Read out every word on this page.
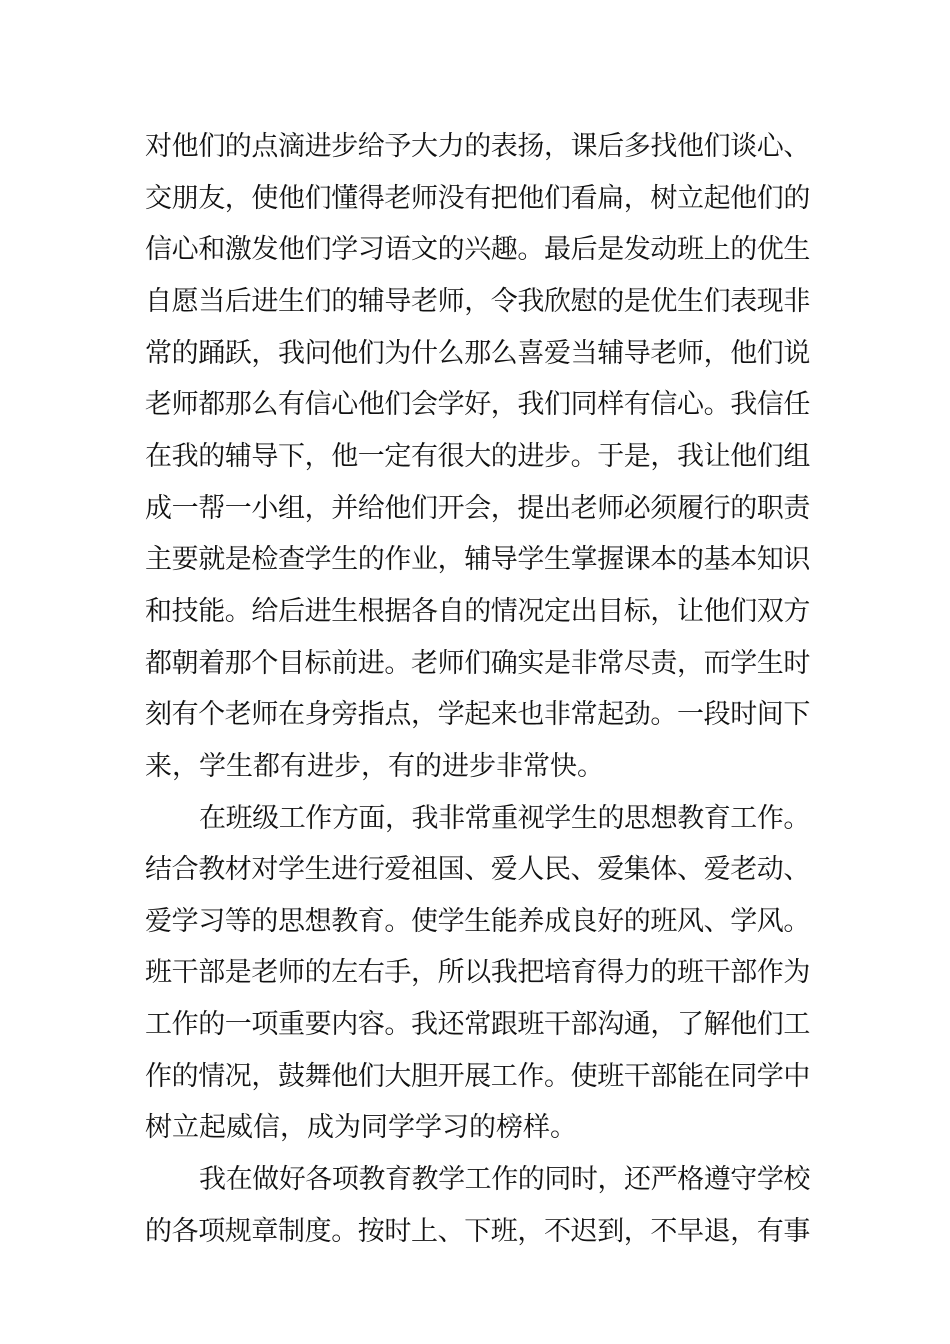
对他们的点滴进步给予大力的表扬，课后多找他们谈心、
交朋友，使他们懂得老师没有把他们看扁，树立起他们的
信心和激发他们学习语文的兴趣。最后是发动班上的优生
自愿当后进生们的辅导老师，令我欣慰的是优生们表现非
常的踊跃，我问他们为什么那么喜爱当辅导老师，他们说
老师都那么有信心他们会学好，我们同样有信心。我信任
在我的辅导下，他一定有很大的进步。于是，我让他们组
成一帮一小组，并给他们开会，提出老师必须履行的职责
主要就是检查学生的作业，辅导学生掌握课本的基本知识
和技能。给后进生根据各自的情况定出目标，让他们双方
都朝着那个目标前进。老师们确实是非常尽责，而学生时
刻有个老师在身旁指点，学起来也非常起劲。一段时间下
来，学生都有进步，有的进步非常快。
在班级工作方面，我非常重视学生的思想教育工作。
结合教材对学生进行爱祖国、爱人民、爱集体、爱老动、
爱学习等的思想教育。使学生能养成良好的班风、学风。
班干部是老师的左右手，所以我把培育得力的班干部作为
工作的一项重要内容。我还常跟班干部沟通，了解他们工
作的情况，鼓舞他们大胆开展工作。使班干部能在同学中
树立起威信，成为同学学习的榜样。
我在做好各项教育教学工作的同时，还严格遵守学校
的各项规章制度。按时上、下班，不迟到，不早退，有事
